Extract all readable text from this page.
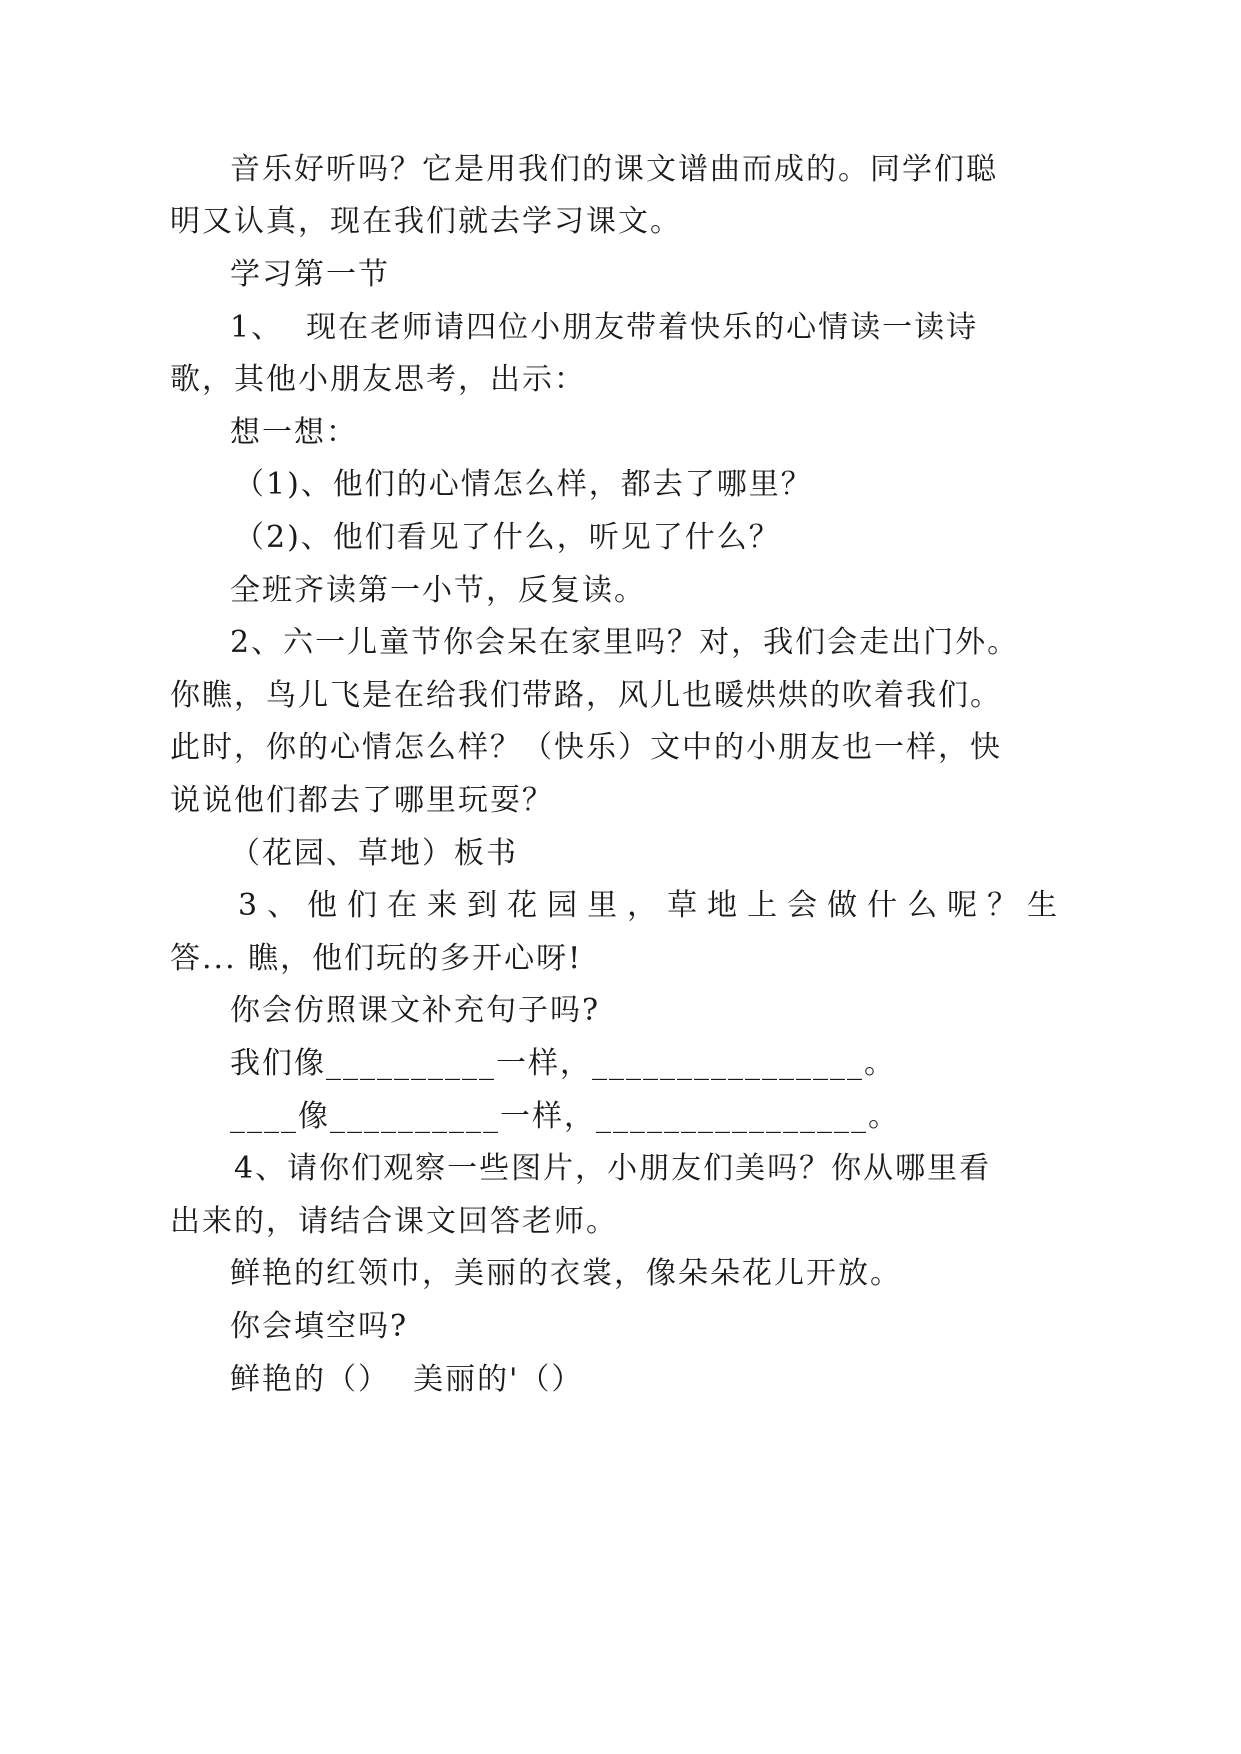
音乐好听吗？它是用我们的课文谱曲而成的。同学们聪
明又认真，现在我们就去学习课文。
学习第一节
1、  现在老师请四位小朋友带着快乐的心情读一读诗
歌，其他小朋友思考，出示：
想一想：
（1)、他们的心情怎么样，都去了哪里？
（2)、他们看见了什么，听见了什么？
全班齐读第一小节，反复读。
2、六一儿童节你会呆在家里吗？对，我们会走出门外。
你瞧，鸟儿飞是在给我们带路，风儿也暖烘烘的吹着我们。
此时，你的心情怎么样？（快乐）文中的小朋友也一样，快
说说他们都去了哪里玩耍？
（花园、草地）板书
3、他们在来到花园里，草地上会做什么呢？生
答... 瞧，他们玩的多开心呀!
你会仿照课文补充句子吗?
我们像__________一样，________________。
____像__________一样，________________。
4、请你们观察一些图片，小朋友们美吗？你从哪里看
出来的，请结合课文回答老师。
鲜艳的红领巾，美丽的衣裳，像朵朵花儿开放。
你会填空吗?
鲜艳的（）  美丽的'（）
